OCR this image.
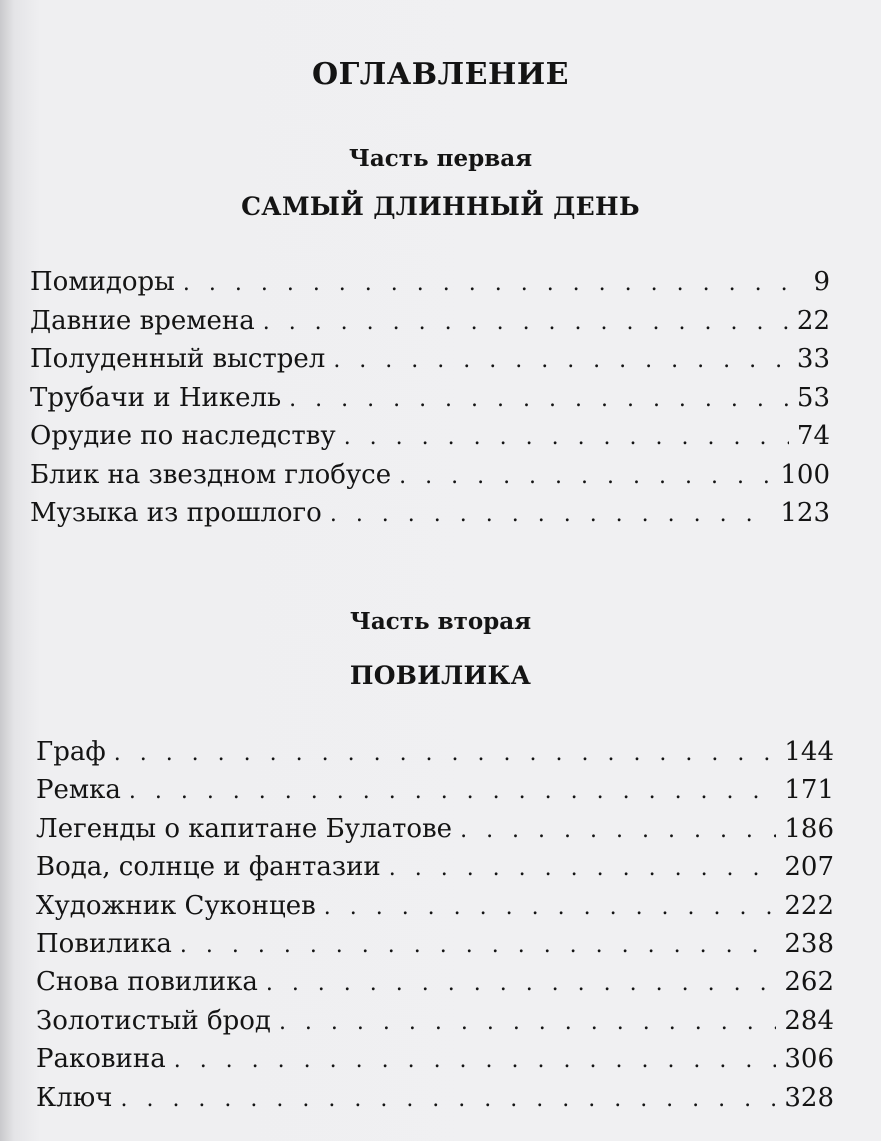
ОГЛАВЛЕНИЕ
Часть первая
САМЫЙ ДЛИННЫЙ ДЕНЬ
Помидоры . . .	9
Давние времена . . .	22
Полуденный выстрел . . .	33
Трубачи и Никель . . .	53
Орудие по наследству . . .	74
Блик на звездном глобусе . . .	100
Музыка из прошлого . . .	123
Часть вторая
ПОВИЛИКА
Граф . . .	144
Ремка . . .	171
Легенды о капитане Булатове . . .	186
Вода, солнце и фантазии . . .	207
Художник Суконцев . . .	222
Повилика . . .	238
Снова повилика . . .	262
Золотистый брод . . .	284
Раковина . . .	306
Ключ . . .	328
